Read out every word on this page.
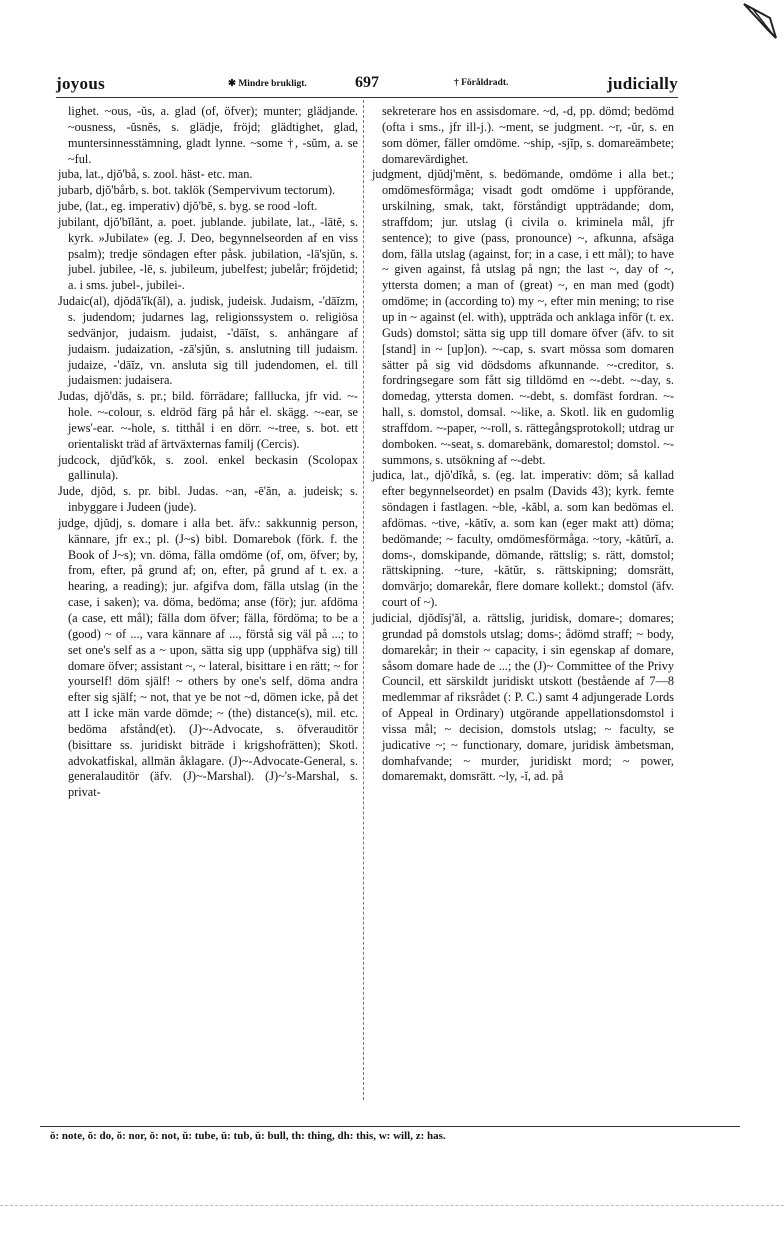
joyous	✱ Mindre brukligt.	697	† Föråldradt.	judicially

lighet. ~ous, -ŭs, a. glad (of, öfver); munter; glädjande. ~ousness, -ŭsnĕs, s. glädje, fröjd; glädtighet, glad, muntersinnesstämning, gladt lynne. ~some †, -sŭm, a. se ~ful.

juba, lat., djŏ'bå, s. zool. häst- etc. man.

jubarb, djŏ'bårb, s. bot. taklök (Sempervivum tectorum).

jube, (lat., eg. imperativ) djŏ'bē, s. byg. se rood -loft.

jubilant, djŏ'bĭlănt, a. poet. jublande. jubilate, lat., -lātĕ, s. kyrk. »Jubilate» (eg. J. Deo, begynnelseorden af en viss psalm); tredje söndagen efter påsk. jubilation, -lā'sjŭn, s. jubel. jubilee, -lē, s. jubileum, jubelfest; jubelår; fröjdetid; a. i sms. jubel-, jubilei-.

Judaic(al), djŏdā'ĭk(ăl), a. judisk, judeisk. Judaism, -'dāĭzm, s. judendom; judarnes lag, religionssystem o. religiösa sedvänjor, judaism. judaist, -'dāĭst, s. anhängare af judaism. judaization, -zā'sjŭn, s. anslutning till judaism. judaize, -'dāĭz, vn. ansluta sig till judendomen, el. till judaismen: judaisera.

Judas, djŏ'dăs, s. pr.; bild. förrädare; falllucka, jfr vid. ~-hole. ~-colour, s. eldröd färg på hår el. skägg. ~-ear, se jews'-ear. ~-hole, s. titthål i en dörr. ~-tree, s. bot. ett orientaliskt träd af ärtväxternas familj (Cercis).

judcock, djŭd'kŏk, s. zool. enkel beckasin (Scolopax gallinula).

Jude, djŏd, s. pr. bibl. Judas. ~an, -ē'ăn, a. judeisk; s. inbyggare i Judeen (jude).

judge, djŭdj, s. domare i alla bet. äfv.: sakkunnig person, kännare, jfr ex.; pl. (J~s) bibl. Domarebok (förk. f. the Book of J~s); vn. döma, fälla omdöme (of, om, öfver; by, from, efter, på grund af; on, efter, på grund af t. ex. a hearing, a reading); jur. afgifva dom, fälla utslag (in the case, i saken); va. döma, bedöma; anse (för); jur. afdöma (a case, ett mål); fälla dom öfver; fälla, fördöma; to be a (good) ~ of ..., vara kännare af ..., förstå sig väl på ...; to set one's self as a ~ upon, sätta sig upp (upphäfva sig) till domare öfver; assistant ~, ~ lateral, bisittare i en rätt; ~ for yourself! döm själf! ~ others by one's self, döma andra efter sig själf; ~ not, that ye be not ~d, dömen icke, på det att I icke män varde dömde; ~ (the) distance(s), mil. etc. bedöma afstånd(et). (J)~-Advocate, s. öfverauditör (bisittare ss. juridiskt biträde i krigshofrätten); Skotl. advokatfiskal, allmän åklagare. (J)~-Advocate-General, s. generalauditör (äfv. (J)~-Marshal). (J)~'s-Marshal, s. privat-

sekreterare hos en assisdomare. ~d, -d, pp. dömd; bedömd (ofta i sms., jfr ill-j.). ~ment, se judgment. ~r, -ŭr, s. en som dömer, fäller omdöme. ~ship, -sjĭp, s. domareämbete; domarevärdighet.

judgment, djŭdj'mĕnt, s. bedömande, omdöme i alla bet.; omdömesförmåga; visadt godt omdöme i uppförande, urskilning, smak, takt, förståndigt uppträdande; dom, straffdom; jur. utslag (i civila o. kriminela mål, jfr sentence); to give (pass, pronounce) ~, afkunna, afsäga dom, fälla utslag (against, for; in a case, i ett mål); to have ~ given against, få utslag på ngn; the last ~, day of ~, yttersta domen; a man of (great) ~, en man med (godt) omdöme; in (according to) my ~, efter min mening; to rise up in ~ against (el. with), uppträda och anklaga inför (t. ex. Guds) domstol; sätta sig upp till domare öfver (äfv. to sit [stand] in ~ [up]on). ~-cap, s. svart mössa som domaren sätter på sig vid dödsdoms afkunnande. ~-creditor, s. fordringsegare som fått sig tilldömd en ~-debt. ~-day, s. domedag, yttersta domen. ~-debt, s. domfäst fordran. ~-hall, s. domstol, domsal. ~-like, a. Skotl. lik en gudomlig straffdom. ~-paper, ~-roll, s. rättegångsprotokoll; utdrag ur domboken. ~-seat, s. domarebänk, domarestol; domstol. ~-summons, s. utsökning af ~-debt.

judica, lat., djŏ'dĭkå, s. (eg. lat. imperativ: döm; så kallad efter begynnelseordet) en psalm (Davids 43); kyrk. femte söndagen i fastlagen. ~ble, -kăbl, a. som kan bedömas el. afdömas. ~tive, -kătĭv, a. som kan (eger makt att) döma; bedömande; ~ faculty, omdömesförmåga. ~tory, -kătŭrĭ, a. doms-, domskipande, dömande, rättslig; s. rätt, domstol; rättskipning. ~ture, -kătŭr, s. rättskipning; domsrätt, domvärjo; domarekår, flere domare kollekt.; domstol (äfv. court of ~).

judicial, djŏdĭsj'ăl, a. rättslig, juridisk, domare-; domares; grundad på domstols utslag; doms-; ådömd straff; ~ body, domarekår; in their ~ capacity, i sin egenskap af domare, såsom domare hade de ...; the (J)~ Committee of the Privy Council, ett särskildt juridiskt utskott (bestående af 7—8 medlemmar af riksrådet (: P. C.) samt 4 adjungerade Lords of Appeal in Ordinary) utgörande appellationsdomstol i vissa mål; ~ decision, domstols utslag; ~ faculty, se judicative ~; ~ functionary, domare, juridisk ämbetsman, domhafvande; ~ murder, juridiskt mord; ~ power, domaremakt, domsrätt. ~ly, -ĭ, ad. på

ŏ: note, ŏ: do, ŏ: nor, ŏ: not, ŭ: tube, ŭ: tub, ŭ: bull, th: thing, dh: this, w: will, z: has.
